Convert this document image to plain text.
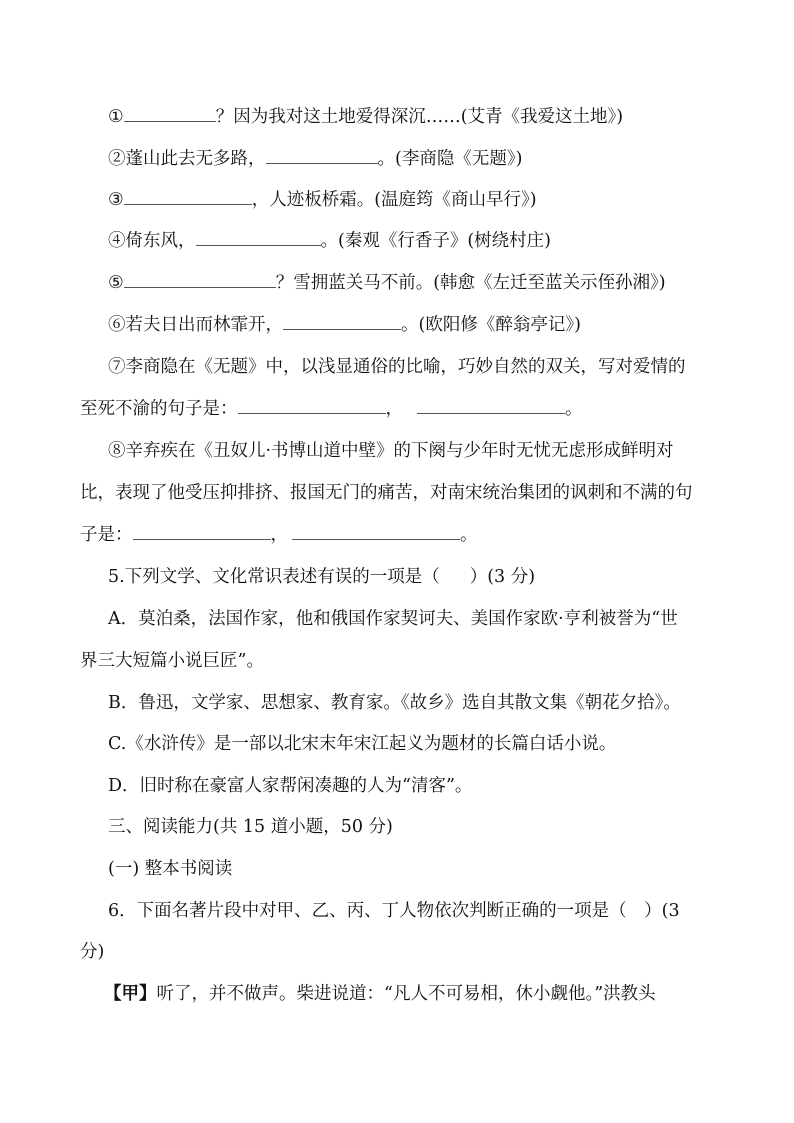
①	？因为我对这土地爱得深沉……(艾青《我爱这土地》)
②蓬山此去无多路，	。(李商隐《无题》)
③	，人迹板桥霜。(温庭筠《商山早行》)
④倚东风，	。(秦观《行香子》(树绕村庄)
⑤	？雪拥蓝关马不前。(韩愈《左迁至蓝关示侄孙湘》)
⑥若夫日出而林霏开，	。(欧阳修《醉翁亭记》)
⑦李商隐在《无题》中，以浅显通俗的比喻，巧妙自然的双关，写对爱情的
至死不渝的句子是：	，	。
⑧辛弃疾在《丑奴儿·书博山道中壁》的下阕与少年时无忧无虑形成鲜明对
比，表现了他受压抑排挤、报国无门的痛苦，对南宋统治集团的讽刺和不满的句
子是：	，	。
5.下列文学、文化常识表述有误的一项是（ ）(3 分)
A．莫泊桑，法国作家，他和俄国作家契诃夫、美国作家欧·亨利被誉为“世
界三大短篇小说巨匠”。
B．鲁迅，文学家、思想家、教育家。《故乡》选自其散文集《朝花夕拾》。
C.《水浒传》是一部以北宋末年宋江起义为题材的长篇白话小说。
D．旧时称在豪富人家帮闲凑趣的人为“清客”。
三、阅读能力(共 15 道小题，50 分)
(一) 整本书阅读
6．下面名著片段中对甲、乙、丙、丁人物依次判断正确的一项是（　）(3
分)
【甲】听了，并不做声。柴进说道：“凡人不可易相，休小觑他。”洪教头
